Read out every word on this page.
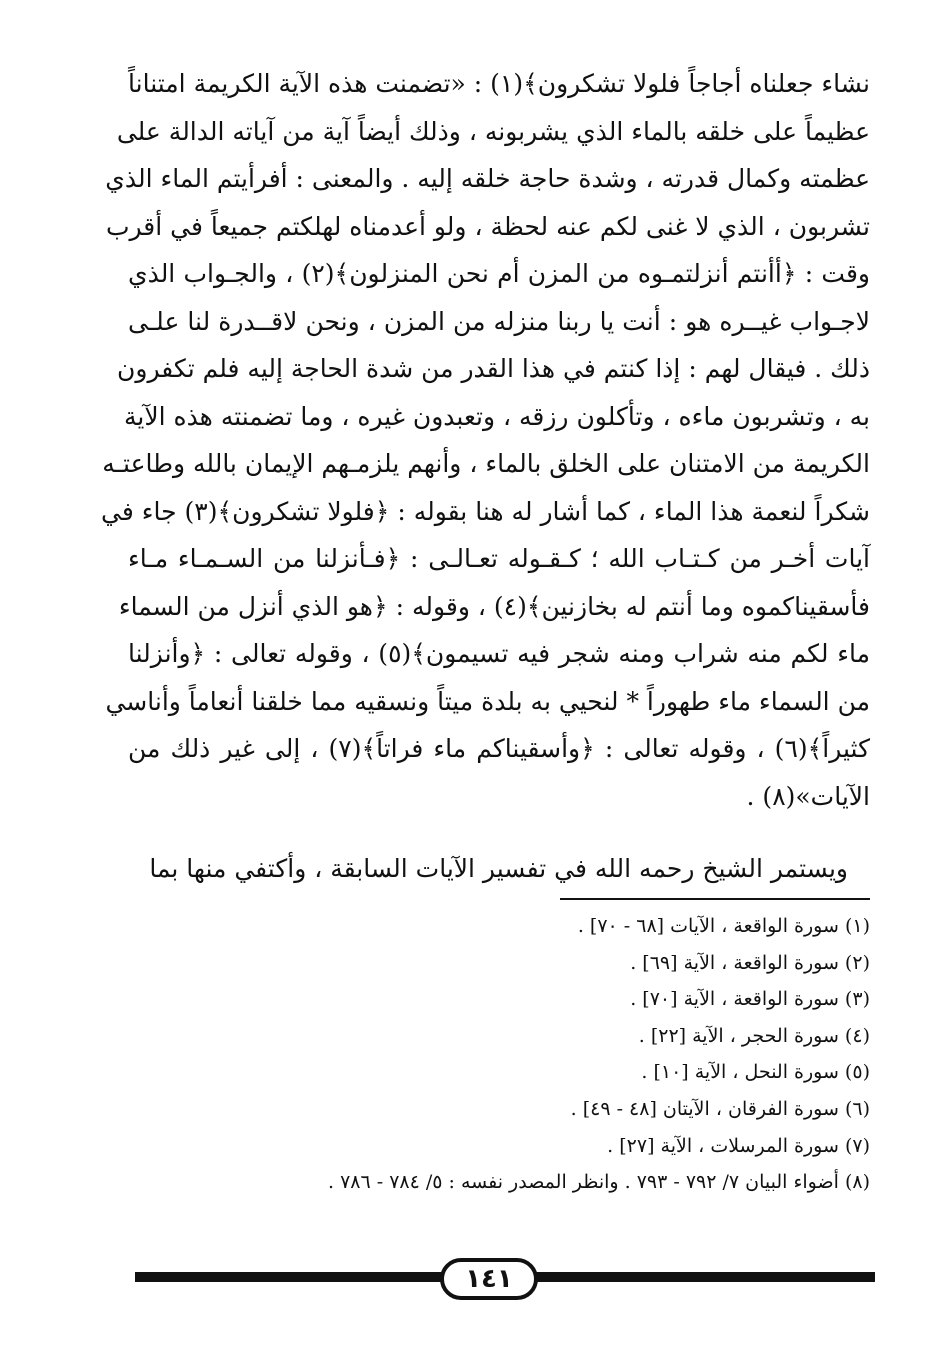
نشاء جعلناه أجاجاً فلولا تشكرون﴾(١) : «تضمنت هذه الآية الكريمة امتناناً
عظيماً على خلقه بالماء الذي يشربونه ، وذلك أيضاً آية من آياته الدالة على
عظمته وكمال قدرته ، وشدة حاجة خلقه إليه . والمعنى : أفرأيتم الماء الذي
تشربون ، الذي لا غنى لكم عنه لحظة ، ولو أعدمناه لهلكتم جميعاً في أقرب
وقت : ﴿أأنتم أنزلتمـوه من المزن أم نحن المنزلون﴾(٢) ، والجـواب الذي
لاجـواب غيــره هو : أنت يا ربنا منزله من المزن ، ونحن لاقــدرة لنا علـى
ذلك . فيقال لهم : إذا كنتم في هذا القدر من شدة الحاجة إليه فلم تكفرون
به ، وتشربون ماءه ، وتأكلون رزقه ، وتعبدون غيره ، وما تضمنته هذه الآية
الكريمة من الامتنان على الخلق بالماء ، وأنهم يلزمـهم الإيمان بالله وطاعتـه
شكراً لنعمة هذا الماء ، كما أشار له هنا بقوله : ﴿فلولا تشكرون﴾(٣) جاء في
آيات أخـر من كـتـاب الله ؛ كـقـوله تعـالـى : ﴿فـأنزلنا من السـمـاء مـاء
فأسقيناكموه وما أنتم له بخازنين﴾(٤) ، وقوله : ﴿هو الذي أنزل من السماء
ماء لكم منه شراب ومنه شجر فيه تسيمون﴾(٥) ، وقوله تعالى : ﴿وأنزلنا
من السماء ماء طهوراً * لنحيي به بلدة ميتاً ونسقيه مما خلقنا أنعاماً وأناسي
كثيراً﴾(٦) ، وقوله تعالى : ﴿وأسقيناكم ماء فراتاً﴾(٧) ، إلى غير ذلك من
الآيات»(٨) .

ويستمر الشيخ رحمه الله في تفسير الآيات السابقة ، وأكتفي منها بما

(١) سورة الواقعة ، الآيات [٦٨ - ٧٠] .
(٢) سورة الواقعة ، الآية [٦٩] .
(٣) سورة الواقعة ، الآية [٧٠] .
(٤) سورة الحجر ، الآية [٢٢] .
(٥) سورة النحل ، الآية [١٠] .
(٦) سورة الفرقان ، الآيتان [٤٨ - ٤٩] .
(٧) سورة المرسلات ، الآية [٢٧] .
(٨) أضواء البيان ٧/ ٧٩٢ - ٧٩٣ . وانظر المصدر نفسه : ٥/ ٧٨٤ - ٧٨٦ .
١٤١
